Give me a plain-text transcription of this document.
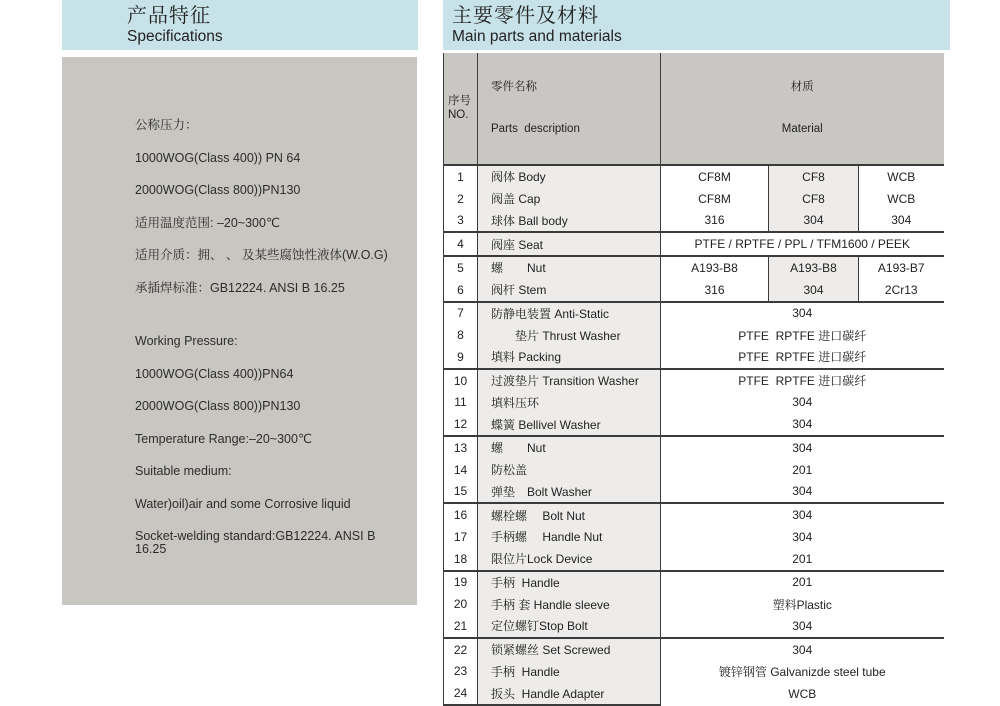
产品特征
Specifications
主要零件及材料
Main parts and materials

公称压力：

1000WOG(Class 400)) PN 64

2000WOG(Class 800))PN130

适用温度范围: –20~300℃

适用介质：拥、 、 及某些腐蚀性液体(W.O.G)

承插焊标准：GB12224. ANSI B 16.25

Working Pressure:

1000WOG(Class 400))PN64

2000WOG(Class 800))PN130

Temperature Range:–20~300℃

Suitable medium:

Water)oil)air and some Corrosive liquid

Socket-welding standard:GB12224. ANSI B 16.25

序号
NO.

零件名称

Parts  description

材质

Material

1	阀体 Body	CF8M	CF8	WCB
2	阀盖 Cap	CF8M	CF8	WCB
3	球体 Ball body	316	304	304
4	阀座 Seat	PTFE / RPTFE / PPL / TFM1600 / PEEK		
5	螺　　Nut	A193-B8	A193-B8	A193-B7
6	阀杆 Stem	316	304	2Cr13
7	防静电装置 Anti-Static	304		
8	　　垫片 Thrust Washer	PTFE  RPTFE 进口碳纤		
9	填料 Packing	PTFE  RPTFE 进口碳纤		
10	过渡垫片 Transition Washer	PTFE  RPTFE 进口碳纤		
11	填料压环	304		
12	蝶簧 Bellivel Washer	304		
13	螺　　Nut	304		
14	防松盖	201		
15	弹垫　Bolt Washer	304		
16	螺栓螺　 Bolt Nut	304		
17	手柄螺　 Handle Nut	304		
18	限位片Lock Device	201		
19	手柄  Handle	201		
20	手柄 套 Handle sleeve	塑料Plastic		
21	定位螺钉Stop Bolt	304		
22	锁紧螺丝 Set Screwed	304		
23	手柄  Handle	镀锌钢管 Galvanizde steel tube		
24	扳头  Handle Adapter	WCB		
